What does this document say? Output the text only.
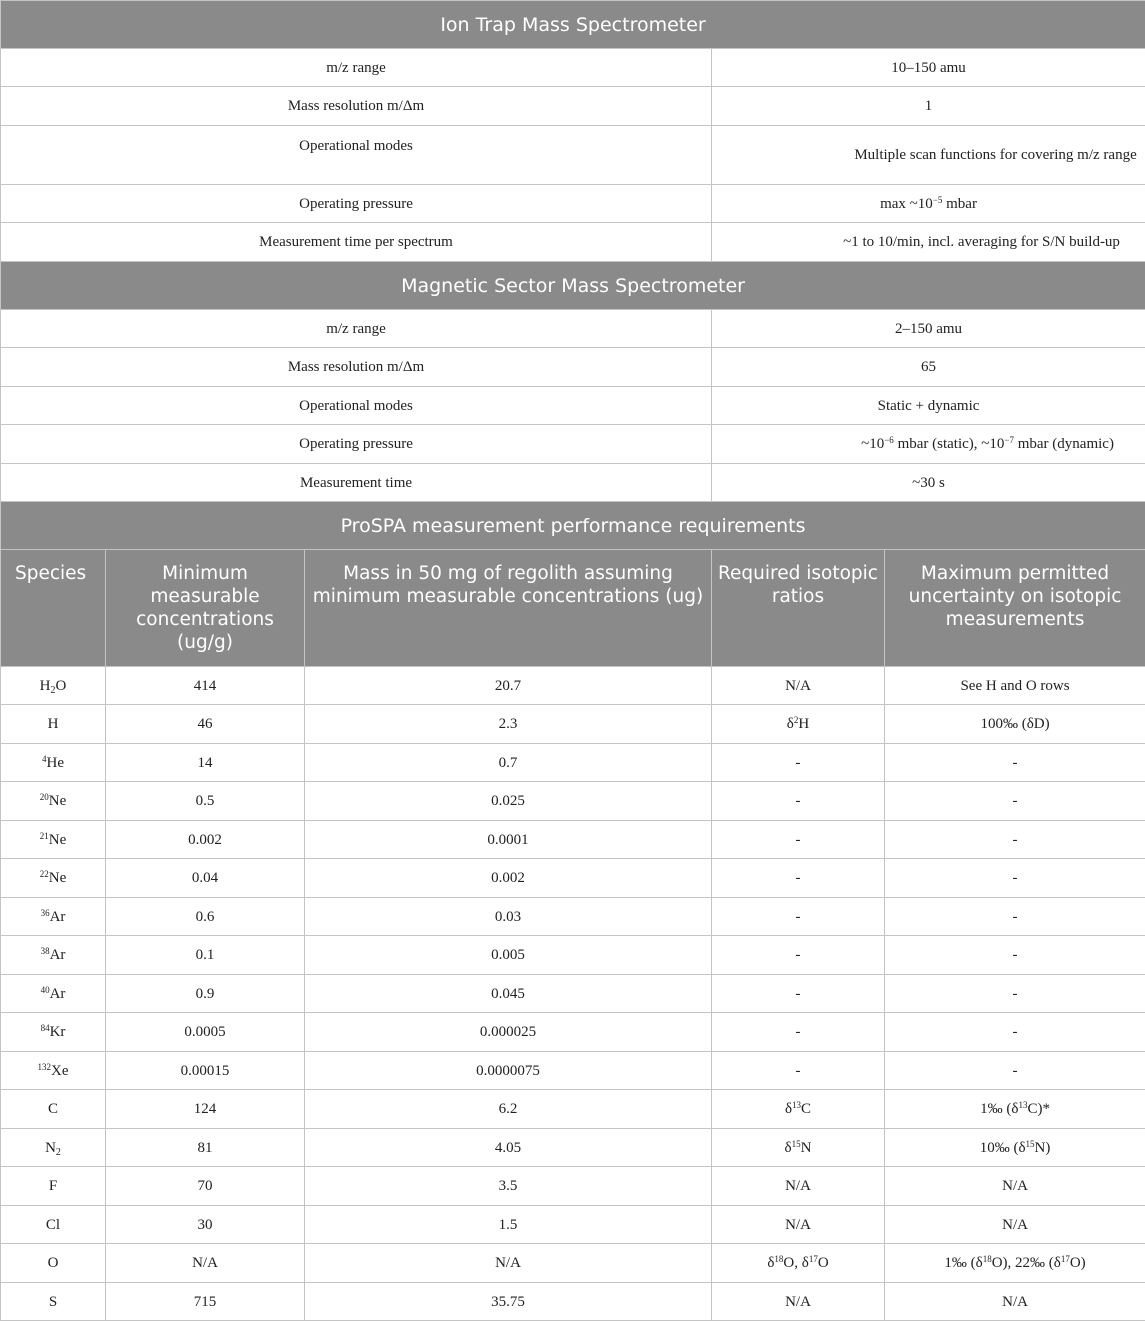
Ion Trap Mass Spectrometer				
m/z range			10–150 amu	
Mass resolution m/Δm			1	
Operational modes			Multiple scan functions for covering m/z range	
Operating pressure			$\max \sim 10^{-5}$ mbar	
Measurement time per spectrum			~1 to 10/min, incl. averaging for S/N build-up	
Magnetic Sector Mass Spectrometer				
m/z range			2–150 amu	
Mass resolution m/Δm			65	
Operational modes			Static + dynamic	
Operating pressure			$\sim 10^{-6}$ mbar (static), $\sim 10^{-7}$ mbar (dynamic)	
Measurement time			~30 s	
ProSPA measurement performance requirements				
Species	Minimum measurable concentrations (ug/g)	Mass in 50 mg of regolith assuming minimum measurable concentrations (ug)	Required isotopic ratios	Maximum permitted uncertainty on isotopic measurements
$H_2O$	414	20.7	N/A	See H and O rows
H	46	2.3	$\delta^2H$	100‰ (δD)
$^4$He	14	0.7	-	-
$^{20}$Ne	0.5	0.025	-	-
$^{21}$Ne	0.002	0.0001	-	-
$^{22}$Ne	0.04	0.002	-	-
$^{36}$Ar	0.6	0.03	-	-
$^{38}$Ar	0.1	0.005	-	-
$^{40}$Ar	0.9	0.045	-	-
$^{84}$Kr	0.0005	0.000025	-	-
$^{132}$Xe	0.00015	0.0000075	-	-
C	124	6.2	$\delta^{13}C$	1‰ $(\delta^{13}C)*$
$N_2$	81	4.05	$\delta^{15}N$	10‰ $(\delta^{15}N)$
F	70	3.5	N/A	N/A
Cl	30	1.5	N/A	N/A
O	N/A	N/A	$\delta^{18}O$, $\delta^{17}O$	1‰ $(\delta^{18}O)$, 22‰ $(\delta^{17}O)$
S	715	35.75	N/A	N/A
